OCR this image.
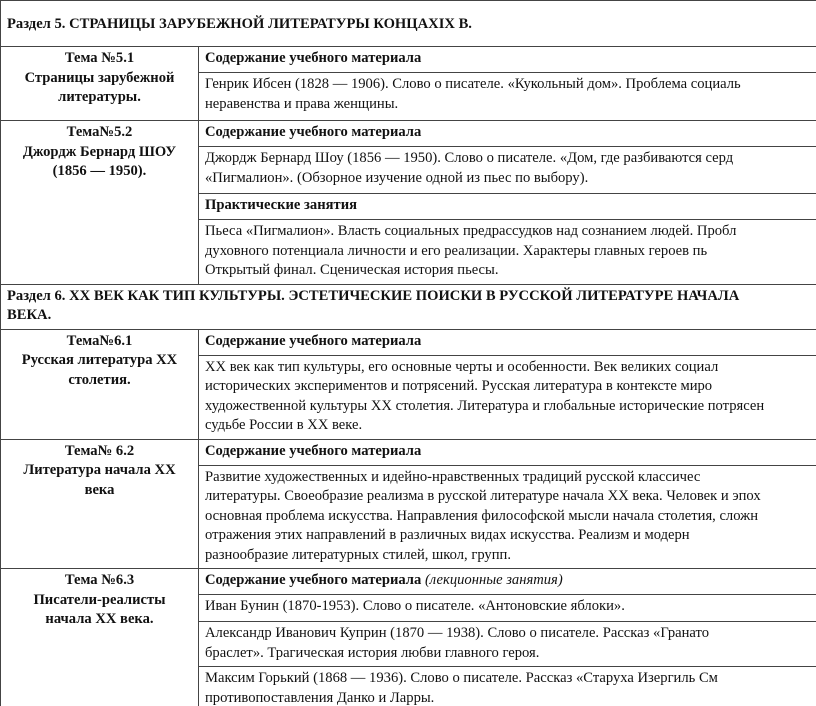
Раздел 5. СТРАНИЦЫ ЗАРУБЕЖНОЙ ЛИТЕРАТУРЫ КОНЦАХIХ В.	

Тема №5.1
Страницы зарубежной
литературы.	Содержание учебного материала

	Генрик Ибсен (1828 — 1906). Слово о писателе. «Кукольный дом». Проблема социаль
неравенства и права женщины.

Тема№5.2
Джордж Бернард ШОУ
(1856 — 1950).	Содержание учебного материала

	Джордж Бернард Шоу (1856 — 1950). Слово о писателе. «Дом, где разбиваются серд
«Пигмалион». (Обзорное изучение одной из пьес по выбору).

	Практические занятия

	Пьеса «Пигмалион». Власть социальных предрассудков над сознанием людей. Пробл
духовного потенциала личности и его реализации. Характеры главных героев пь
Открытый финал. Сценическая история пьесы.

Раздел 6. ХХ ВЕК КАК ТИП КУЛЬТУРЫ. ЭСТЕТИЧЕСКИЕ ПОИСКИ В РУССКОЙ ЛИТЕРАТУРЕ НАЧАЛА
ВЕКА.	

Тема№6.1
Русская литература ХХ
столетия.	Содержание учебного материала

	ХХ век как тип культуры, его основные черты и особенности. Век великих социал
исторических экспериментов и потрясений. Русская литература в контексте миро
художественной культуры ХХ столетия. Литература и глобальные исторические потрясен
судьбе России в ХХ веке.

Тема№ 6.2
Литература начала ХХ
века	Содержание учебного материала

	Развитие художественных и идейно-нравственных традиций русской классичес
литературы. Своеобразие реализма в русской литературе начала ХХ века. Человек и эпох
основная проблема искусства. Направления философской мысли начала столетия, сложн
отражения этих направлений в различных видах искусства. Реализм и модерн
разнообразие литературных стилей, школ, групп.

Тема №6.3
Писатели-реалисты
начала ХХ века.	Содержание учебного материала (лекционные занятия)

	Иван Бунин (1870-1953). Слово о писателе. «Антоновские яблоки».

	Александр Иванович Куприн (1870 — 1938). Слово о писателе. Рассказ «Гранато
браслет». Трагическая история любви главного героя.

	Максим Горький (1868 — 1936). Слово о писателе. Рассказ «Старуха Изергиль См
противопоставления Данко и Ларры.
